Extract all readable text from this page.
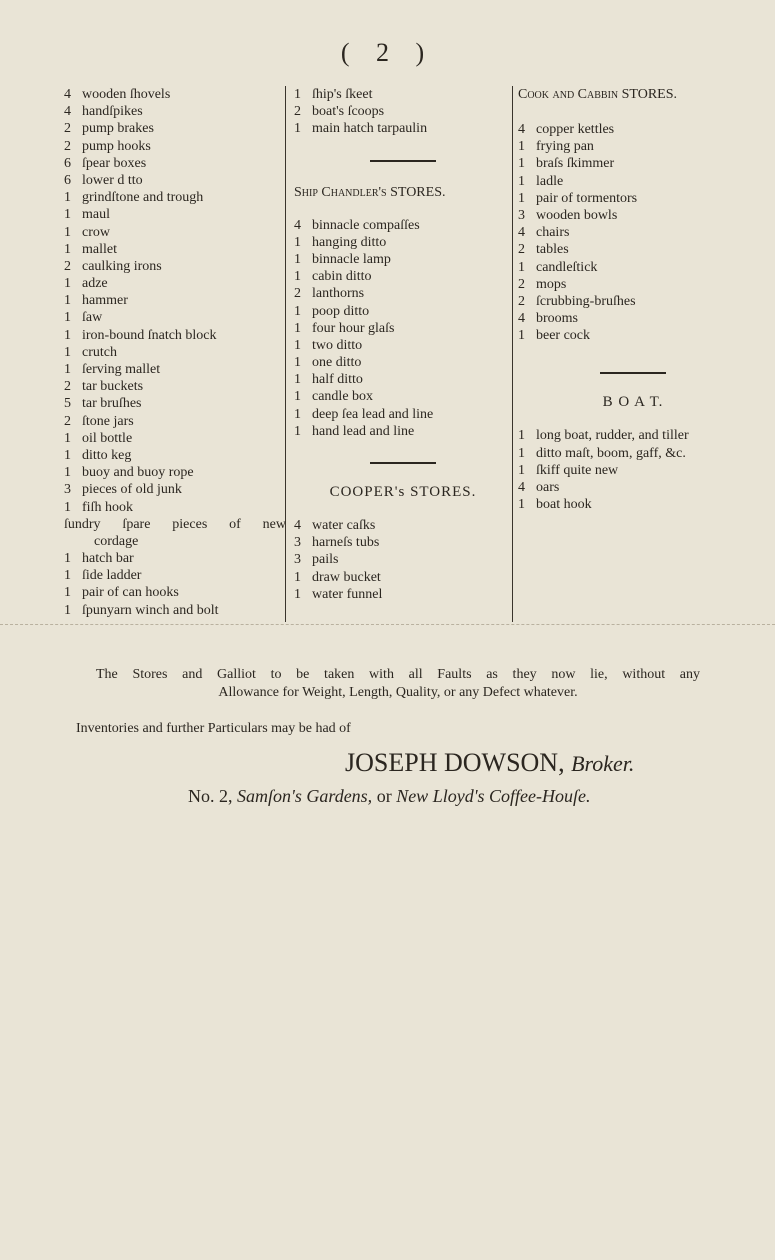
( 2 )
4 wooden ſhovels
4 handſpikes
2 pump brakes
2 pump hooks
6 ſpear boxes
6 lower d tto
1 grindſtone and trough
1 maul
1 crow
1 mallet
2 caulking irons
1 adze
1 hammer
1 ſaw
1 iron-bound ſnatch block
1 crutch
1 ſerving mallet
2 tar buckets
5 tar bruſhes
2 ſtone jars
1 oil bottle
1 ditto keg
1 buoy and buoy rope
3 pieces of old junk
1 fiſh hook
ſundry ſpare pieces of new
cordage
1 hatch bar
1 ſide ladder
1 pair of can hooks
1 ſpunyarn winch and bolt
1 ſhip's ſkeet
2 boat's ſcoops
1 main hatch tarpaulin
Ship Chandler's STORES.
4 binnacle compaſſes
1 hanging ditto
1 binnacle lamp
1 cabin ditto
2 lanthorns
1 poop ditto
1 four hour glaſs
1 two ditto
1 one ditto
1 half ditto
1 candle box
1 deep ſea lead and line
1 hand lead and line
COOPER's STORES.
4 water caſks
3 harneſs tubs
3 pails
1 draw bucket
1 water funnel
Cook and Cabbin STORES.
4 copper kettles
1 frying pan
1 braſs ſkimmer
1 ladle
1 pair of tormentors
3 wooden bowls
4 chairs
2 tables
1 candleſtick
2 mops
2 ſcrubbing-bruſhes
4 brooms
1 beer cock
B O A T.
1 long boat, rudder, and tiller
1 ditto maſt, boom, gaff, &c.
1 ſkiff quite new
4 oars
1 boat hook
The Stores and Galliot to be taken with all Faults as they now lie, without any
Allowance for Weight, Length, Quality, or any Defect whatever.
Inventories and further Particulars may be had of
JOSEPH DOWSON, Broker.
No. 2, Samſon's Gardens, or New Lloyd's Coffee-Houſe.
